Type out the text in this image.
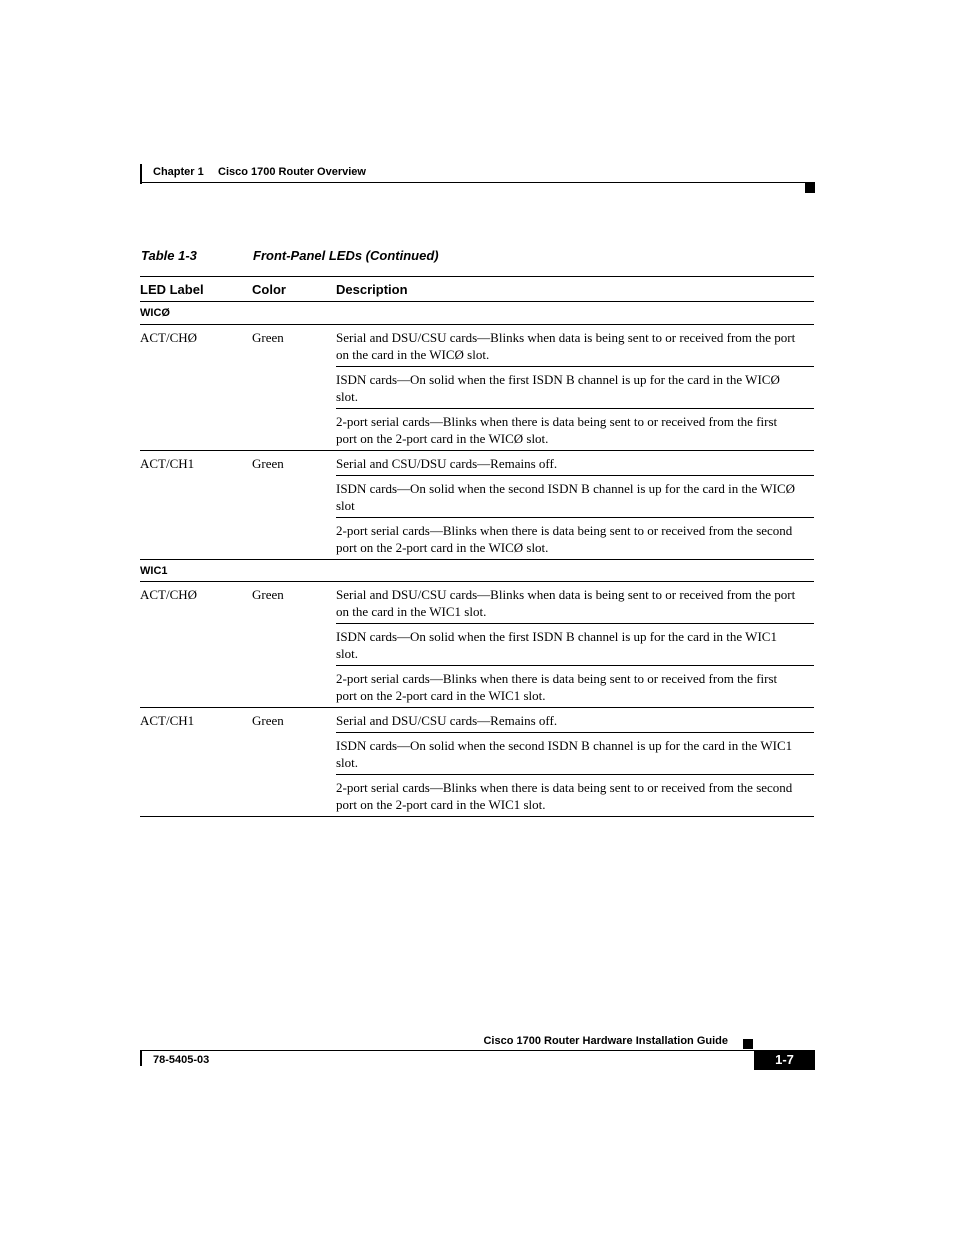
Chapter 1 Cisco 1700 Router Overview
Table 1-3	Front-Panel LEDs (Continued)
LED Label	Color	Description
WICØ
ACT/CHØ	Green	Serial and DSU/CSU cards—Blinks when data is being sent to or received from the port on the card in the WICØ slot.
ISDN cards—On solid when the first ISDN B channel is up for the card in the WICØ slot.
2-port serial cards—Blinks when there is data being sent to or received from the first port on the 2-port card in the WICØ slot.
ACT/CH1	Green	Serial and CSU/DSU cards—Remains off.
ISDN cards—On solid when the second ISDN B channel is up for the card in the WICØ slot
2-port serial cards—Blinks when there is data being sent to or received from the second port on the 2-port card in the WICØ slot.
WIC1
ACT/CHØ	Green	Serial and DSU/CSU cards—Blinks when data is being sent to or received from the port on the card in the WIC1 slot.
ISDN cards—On solid when the first ISDN B channel is up for the card in the WIC1 slot.
2-port serial cards—Blinks when there is data being sent to or received from the first port on the 2-port card in the WIC1 slot.
ACT/CH1	Green	Serial and DSU/CSU cards—Remains off.
ISDN cards—On solid when the second ISDN B channel is up for the card in the WIC1 slot.
2-port serial cards—Blinks when there is data being sent to or received from the second port on the 2-port card in the WIC1 slot.
Cisco 1700 Router Hardware Installation Guide
78-5405-03	1-7
